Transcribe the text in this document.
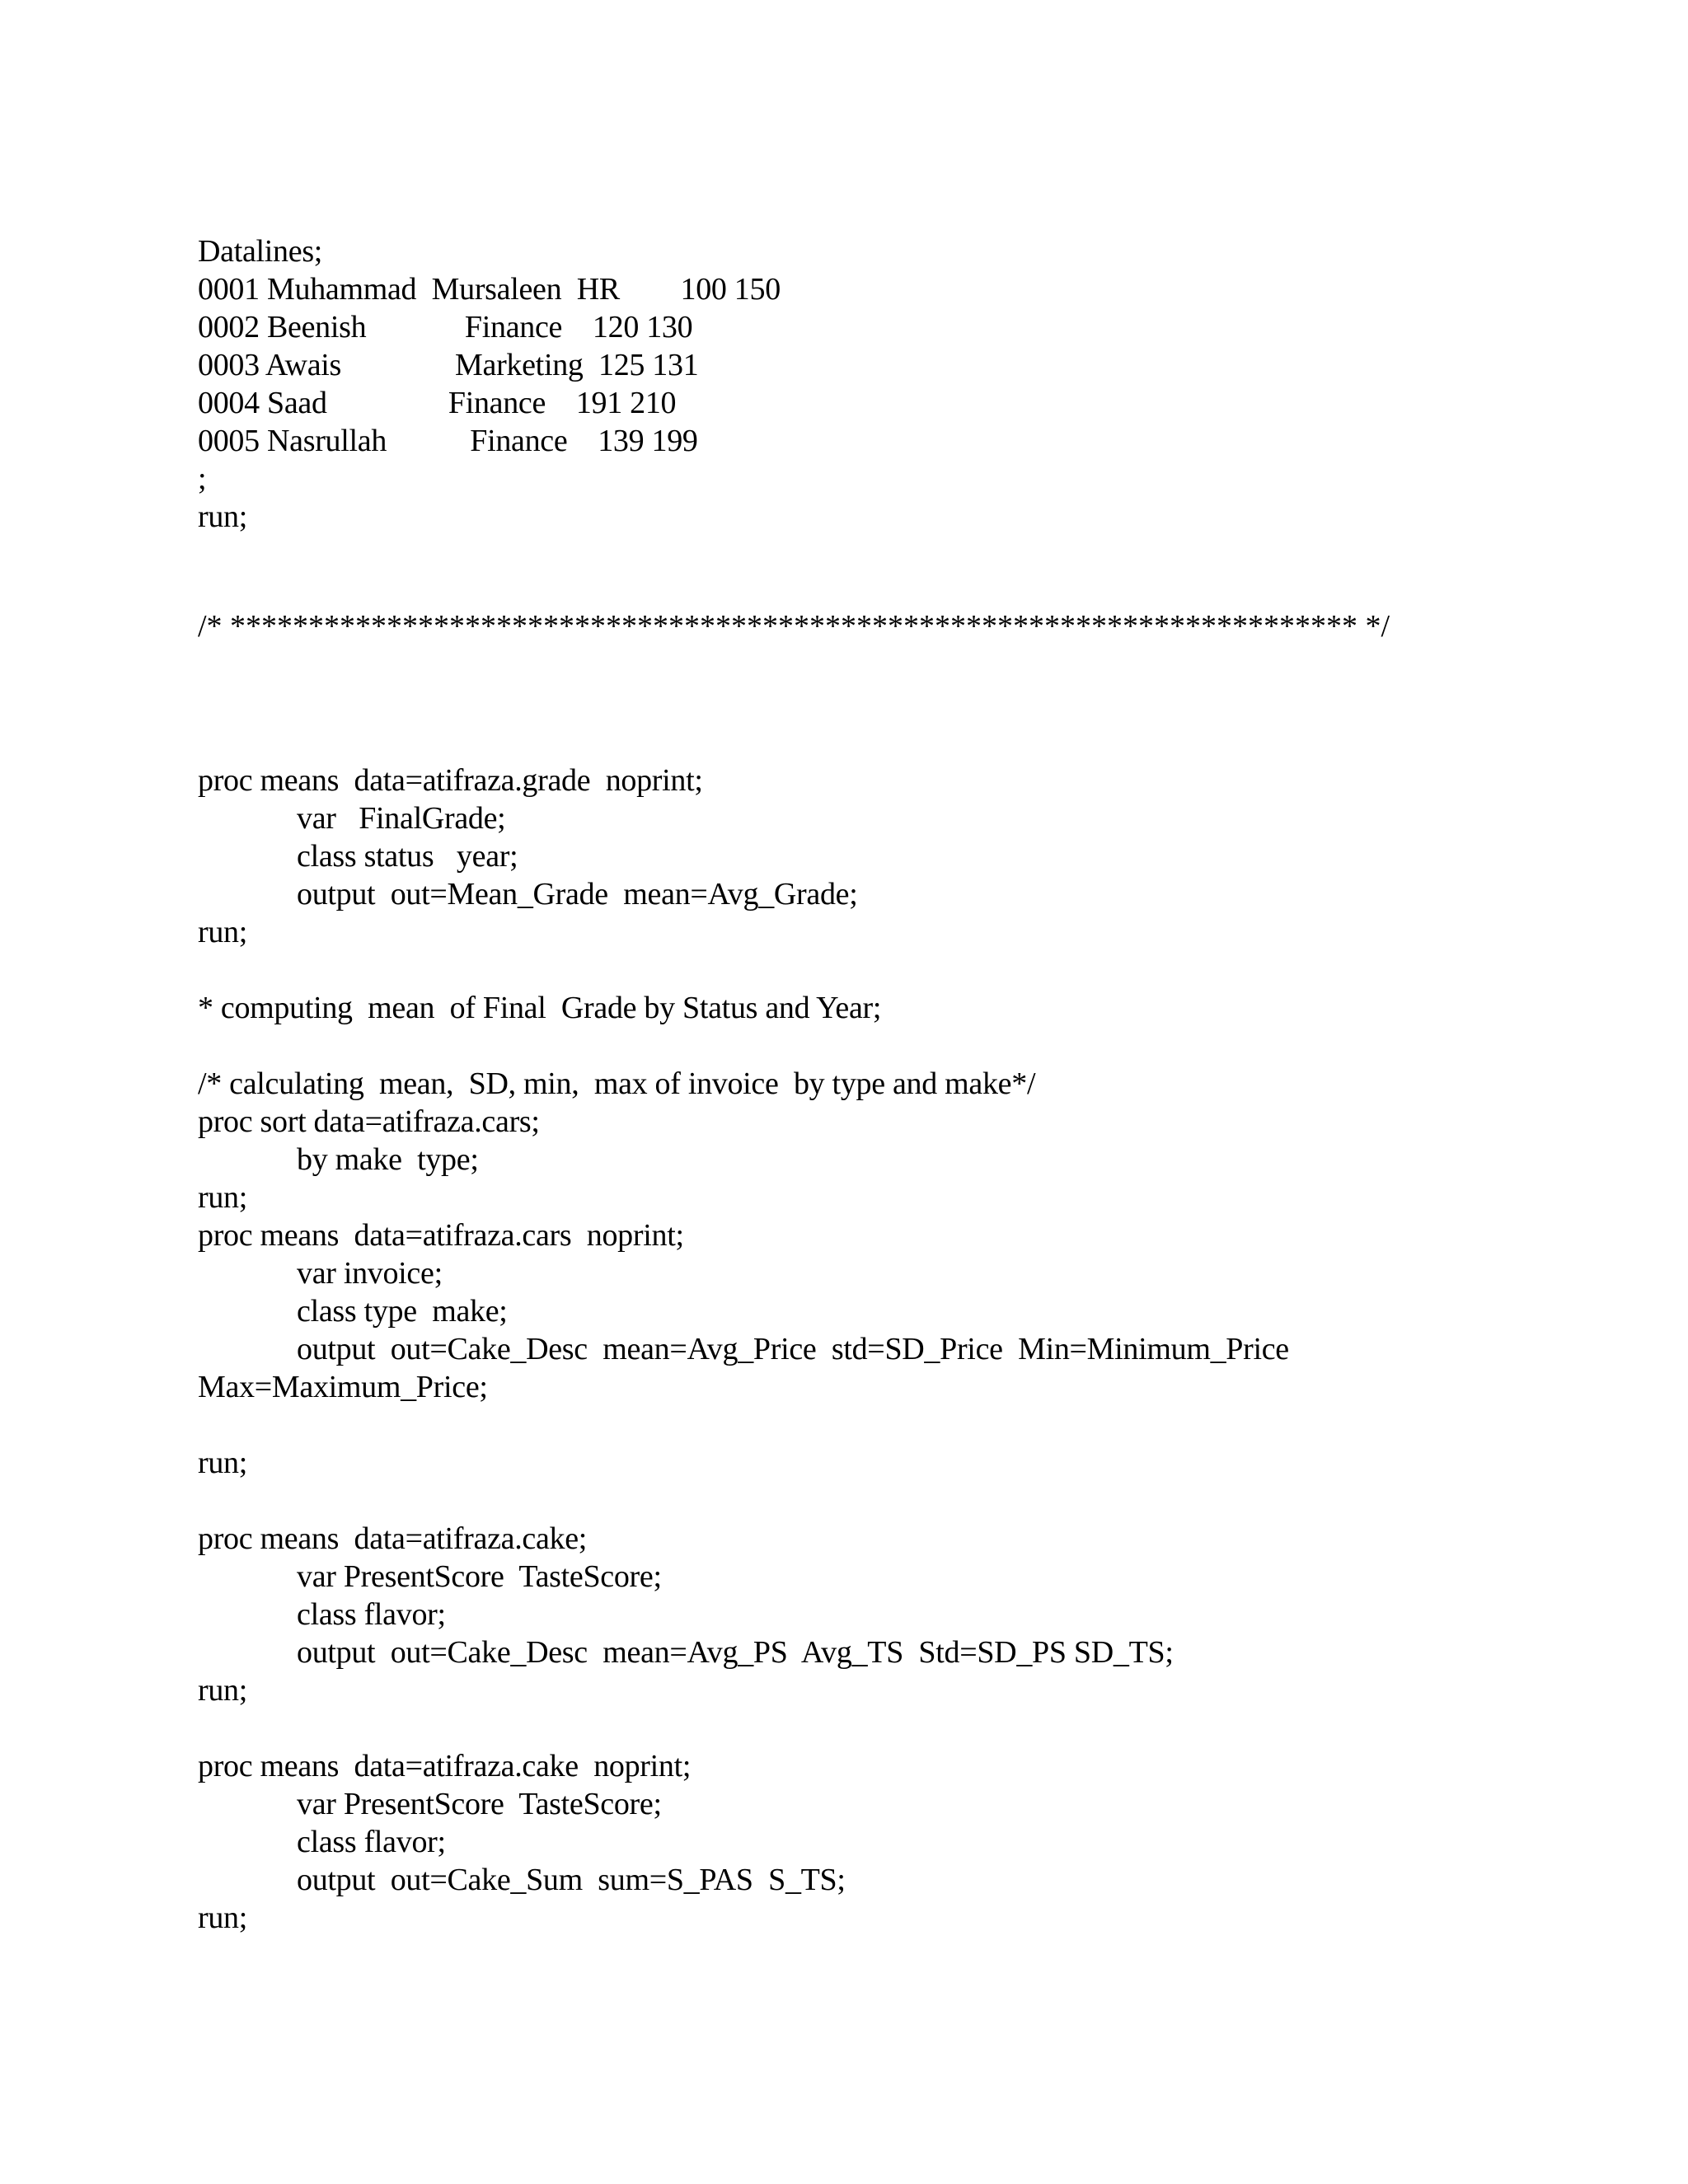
Datalines;
0001 Muhammad  Mursaleen  HR        100 150
0002 Beenish             Finance    120 130
0003 Awais               Marketing  125 131
0004 Saad                Finance    191 210
0005 Nasrullah           Finance    139 199
;
run;
/* ************************************************************************ */
proc means  data=atifraza.grade  noprint;
var   FinalGrade;
class status   year;
output  out=Mean_Grade  mean=Avg_Grade;
run;
* computing  mean  of Final  Grade by Status and Year;
/* calculating  mean,  SD, min,  max of invoice  by type and make*/
proc sort data=atifraza.cars;
by make  type;
run;
proc means  data=atifraza.cars  noprint;
var invoice;
class type  make;
output  out=Cake_Desc  mean=Avg_Price  std=SD_Price  Min=Minimum_Price
Max=Maximum_Price;
run;
proc means  data=atifraza.cake;
var PresentScore  TasteScore;
class flavor;
output  out=Cake_Desc  mean=Avg_PS  Avg_TS  Std=SD_PS SD_TS;
run;
proc means  data=atifraza.cake  noprint;
var PresentScore  TasteScore;
class flavor;
output  out=Cake_Sum  sum=S_PAS  S_TS;
run;
